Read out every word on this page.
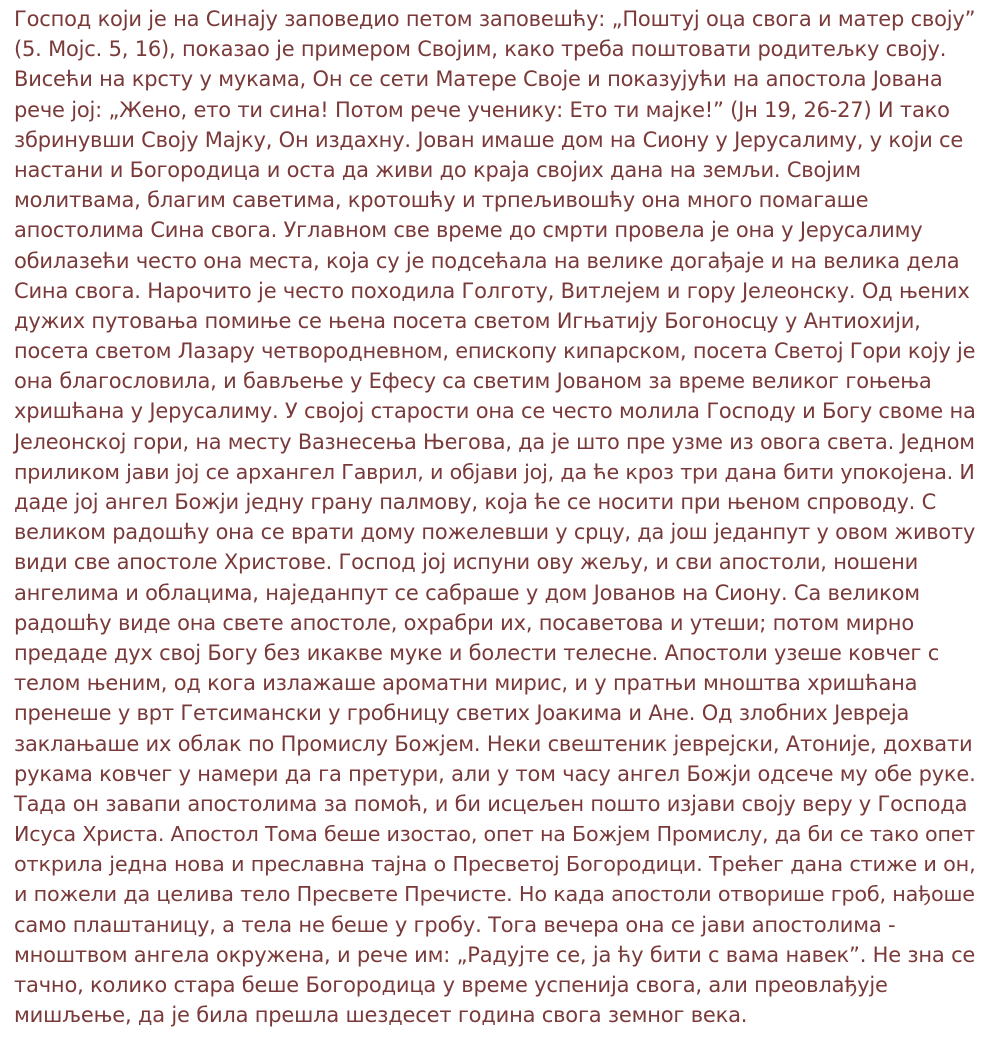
Господ који је на Синају заповедио петом заповешћу: „Поштуј оца свога и матер своју”
(5. Мојс. 5, 16), показао је примером Својим, како треба поштовати родитељку своју.
Висећи на крсту у мукама, Он се сети Матере Своје и показујући на апостола Јована
рече јој: „Жено, ето ти сина! Потом рече ученику: Ето ти мајке!” (Јн 19, 26-27) И тако
збринувши Своју Мајку, Он издахну. Јован имаше дом на Сиону у Јерусалиму, у који се
настани и Богородица и оста да живи до краја својих дана на земљи. Својим
молитвама, благим саветима, кротошћу и трпељивошћу она много помагаше
апостолима Сина свога. Углавном све време до смрти провела је она у Јерусалиму
обилазећи често она места, која су је подсећала на велике догађаје и на велика дела
Сина свога. Нарочито је често походила Голготу, Витлејем и гору Јелеонску. Од њених
дужих путовања помиње се њена посета светом Игњатију Богоносцу у Антиохији,
посета светом Лазару четвородневном, епископу кипарском, посета Светој Гори коју је
она благословила, и бављење у Ефесу са светим Јованом за време великог гоњења
хришћана у Јерусалиму. У својој старости она се често молила Господу и Богу своме на
Јелеонској гори, на месту Вазнесења Његова, да је што пре узме из овога света. Једном
приликом јави јој се архангел Гаврил, и објави јој, да ће кроз три дана бити упокојена. И
даде јој ангел Божји једну грану палмову, која ће се носити при њеном спроводу. С
великом радошћу она се врати дому пожелевши у срцу, да још једанпут у овом животу
види све апостоле Христове. Господ јој испуни ову жељу, и сви апостоли, ношени
ангелима и облацима, наједанпут се сабраше у дом Јованов на Сиону. Са великом
радошћу виде она свете апостоле, охрабри их, посаветова и утеши; потом мирно
предаде дух свој Богу без икакве муке и болести телесне. Апостоли узеше ковчег с
телом њеним, од кога излажаше ароматни мирис, и у пратњи мноштва хришћана
пренеше у врт Гетсимански у гробницу светих Јоакима и Ане. Од злобних Јевреја
заклањаше их облак по Промислу Божјем. Неки свештеник јеврејски, Атоније, дохвати
рукама ковчег у намери да га претури, али у том часу ангел Божји одсече му обе руке.
Тада он завапи апостолима за помоћ, и би исцељен пошто изјави своју веру у Господа
Исуса Христа. Апостол Тома беше изостао, опет на Божјем Промислу, да би се тако опет
открила једна нова и преславна тајна о Пресветој Богородици. Трећег дана стиже и он,
и пожели да целива тело Пресвете Пречисте. Но када апостоли отворише гроб, нађоше
само плаштаницу, а тела не беше у гробу. Тога вечера она се јави апостолима -
мноштвом ангела окружена, и рече им: „Радујте се, ја ћу бити с вама навек”. Не зна се
тачно, колико стара беше Богородица у време успенија свога, али преовлађује
мишљење, да је била прешла шездесет година свога земног века.
